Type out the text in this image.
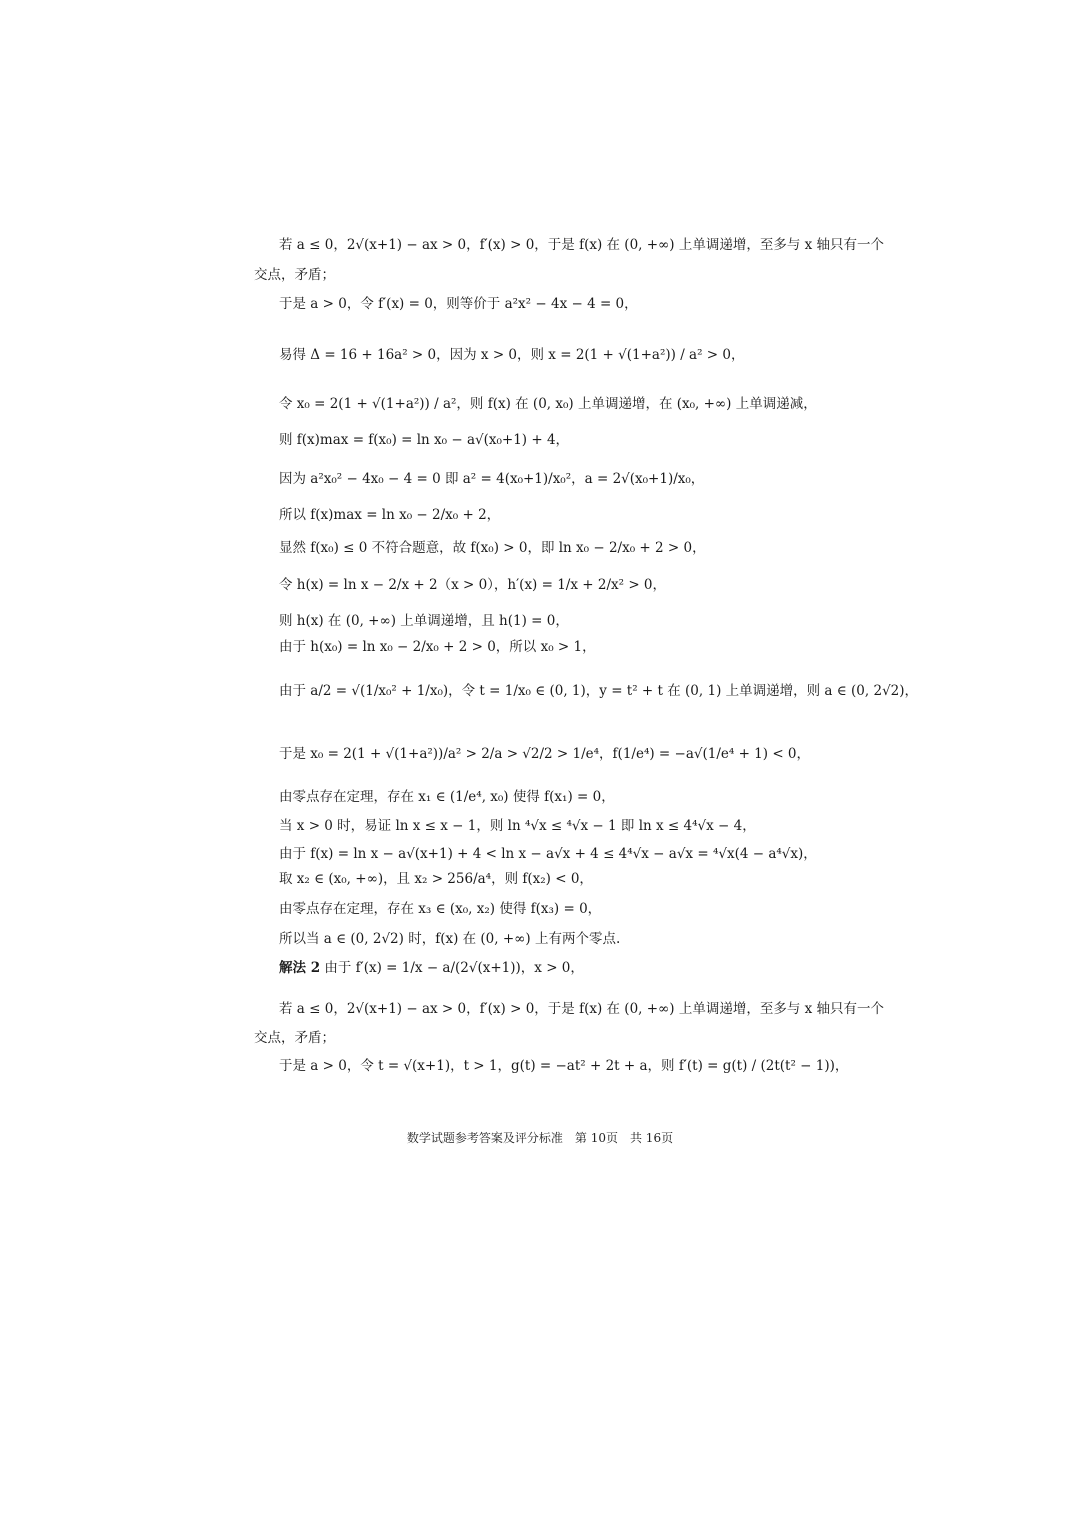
若 a ≤ 0，2√(x+1) − ax > 0，f′(x) > 0，于是 f(x) 在 (0, +∞) 上单调递增，至多与 x 轴只有一个
交点，矛盾；
于是 a > 0，令 f′(x) = 0，则等价于 a²x² − 4x − 4 = 0，
易得 Δ = 16 + 16a² > 0，因为 x > 0，则 x = 2(1 + √(1+a²)) / a² > 0，
令 x₀ = 2(1 + √(1+a²)) / a²，则 f(x) 在 (0, x₀) 上单调递增，在 (x₀, +∞) 上单调递减，
则 f(x)max = f(x₀) = ln x₀ − a√(x₀+1) + 4，
因为 a²x₀² − 4x₀ − 4 = 0 即 a² = 4(x₀+1)/x₀²，a = 2√(x₀+1)/x₀，
所以 f(x)max = ln x₀ − 2/x₀ + 2，
显然 f(x₀) ≤ 0 不符合题意，故 f(x₀) > 0，即 ln x₀ − 2/x₀ + 2 > 0，
令 h(x) = ln x − 2/x + 2（x > 0），h′(x) = 1/x + 2/x² > 0，
则 h(x) 在 (0, +∞) 上单调递增，且 h(1) = 0，
由于 h(x₀) = ln x₀ − 2/x₀ + 2 > 0，所以 x₀ > 1，
由于 a/2 = √(1/x₀² + 1/x₀)，令 t = 1/x₀ ∈ (0, 1)，y = t² + t 在 (0, 1) 上单调递增，则 a ∈ (0, 2√2)，
于是 x₀ = 2(1 + √(1+a²))/a² > 2/a > √2/2 > 1/e⁴，f(1/e⁴) = −a√(1/e⁴ + 1) < 0，
由零点存在定理，存在 x₁ ∈ (1/e⁴, x₀) 使得 f(x₁) = 0，
当 x > 0 时，易证 ln x ≤ x − 1，则 ln ⁴√x ≤ ⁴√x − 1 即 ln x ≤ 4⁴√x − 4，
由于 f(x) = ln x − a√(x+1) + 4 < ln x − a√x + 4 ≤ 4⁴√x − a√x = ⁴√x(4 − a⁴√x)，
取 x₂ ∈ (x₀, +∞)，且 x₂ > 256/a⁴，则 f(x₂) < 0，
由零点存在定理，存在 x₃ ∈ (x₀, x₂) 使得 f(x₃) = 0，
所以当 a ∈ (0, 2√2) 时，f(x) 在 (0, +∞) 上有两个零点.
解法 2 由于 f′(x) = 1/x − a/(2√(x+1))，x > 0，
若 a ≤ 0，2√(x+1) − ax > 0，f′(x) > 0，于是 f(x) 在 (0, +∞) 上单调递增，至多与 x 轴只有一个
交点，矛盾；
于是 a > 0，令 t = √(x+1)，t > 1，g(t) = −at² + 2t + a，则 f′(t) = g(t) / (2t(t² − 1))，
数学试题参考答案及评分标准　第 10页　共 16页
